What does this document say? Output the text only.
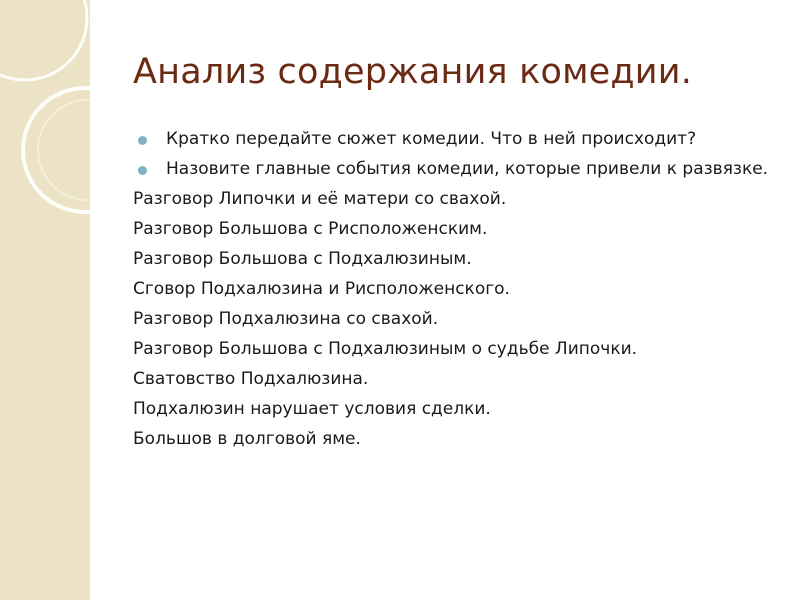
Анализ содержания комедии.
Кратко передайте сюжет комедии. Что в ней происходит?
Назовите главные события комедии, которые привели к развязке.
Разговор Липочки и её матери со свахой.
Разговор Большова с Рисположенским.
Разговор Большова с Подхалюзиным.
Сговор Подхалюзина и Рисположенского.
Разговор Подхалюзина со свахой.
Разговор Большова с Подхалюзиным о судьбе Липочки.
Сватовство Подхалюзина.
Подхалюзин нарушает условия сделки.
Большов в долговой яме.
